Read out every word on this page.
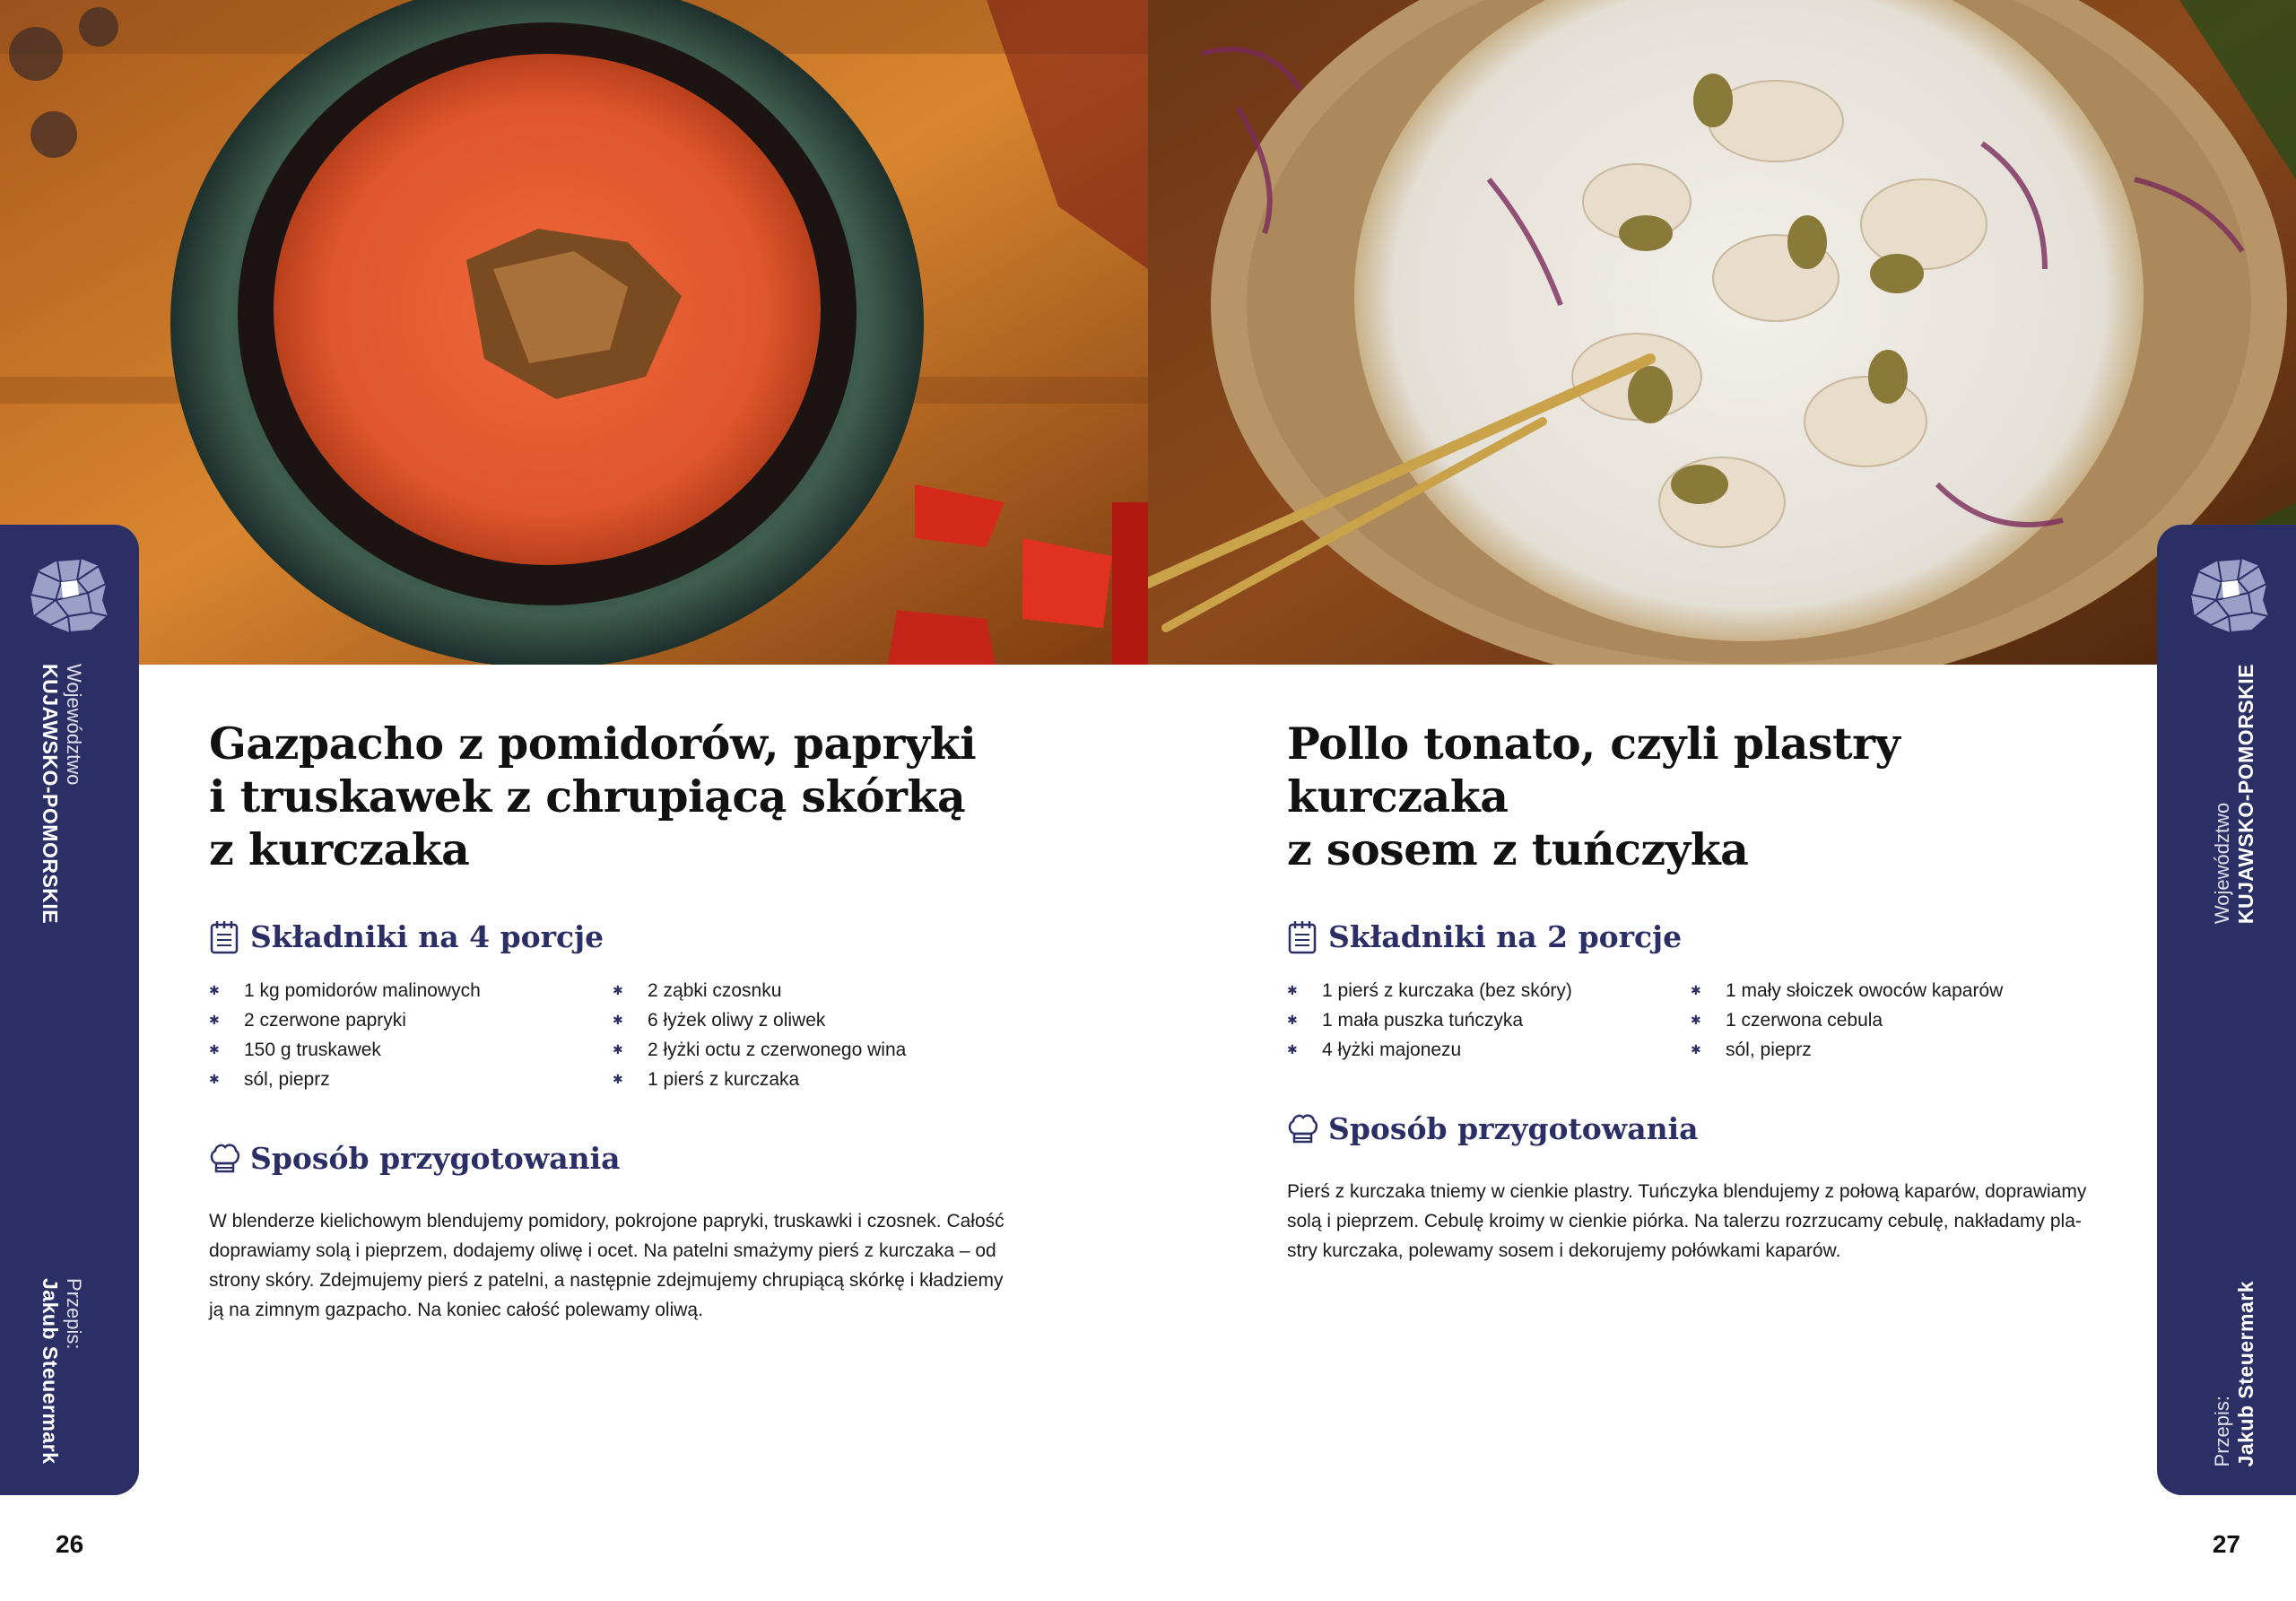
Województwo
KUJAWSKO-POMORSKIE
Przepis:
Jakub Steuermark
Gazpacho z pomidorów, papryki
i truskawek z chrupiącą skórką
z kurczaka
Składniki na 4 porcje
✱ 1 kg pomidorów malinowych
✱ 2 czerwone papryki
✱ 150 g truskawek
✱ sól, pieprz
✱ 2 ząbki czosnku
✱ 6 łyżek oliwy z oliwek
✱ 2 łyżki octu z czerwonego wina
✱ 1 pierś z kurczaka
Sposób przygotowania

W blenderze kielichowym blendujemy pomidory, pokrojone papryki, truskawki i czosnek. Całość
doprawiamy solą i pieprzem, dodajemy oliwę i ocet. Na patelni smażymy pierś z kurczaka – od
strony skóry. Zdejmujemy pierś z patelni, a następnie zdejmujemy chrupiącą skórkę i kładziemy
ją na zimnym gazpacho. Na koniec całość polewamy oliwą.

26
Województwo KUJAWSKO-POMORSKIE
Przepis: Jakub Steuermark
Pollo tonato, czyli plastry kurczaka
z sosem z tuńczyka
Składniki na 2 porcje
✱ 1 pierś z kurczaka (bez skóry)
✱ 1 mała puszka tuńczyka
✱ 4 łyżki majonezu
✱ 1 mały słoiczek owoców kaparów
✱ 1 czerwona cebula
✱ sól, pieprz
Sposób przygotowania

Pierś z kurczaka tniemy w cienkie plastry. Tuńczyka blendujemy z połową kaparów, doprawiamy
solą i pieprzem. Cebulę kroimy w cienkie piórka. Na talerzu rozrzucamy cebulę, nakładamy pla-
stry kurczaka, polewamy sosem i dekorujemy połówkami kaparów.

27
